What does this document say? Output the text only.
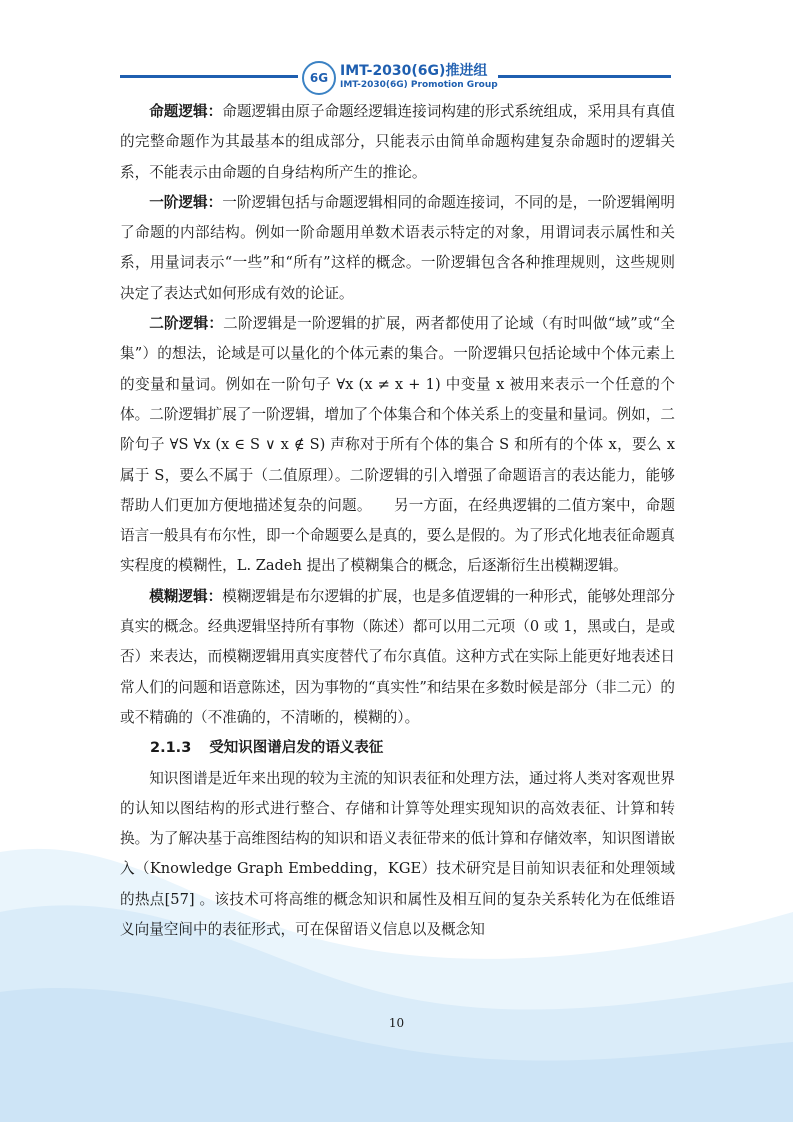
6G IMT-2030(6G)推进组
IMT-2030(6G) Promotion Group

命题逻辑：命题逻辑由原子命题经逻辑连接词构建的形式系统组成，采用具有真值的完整命题作为其最基本的组成部分，只能表示由简单命题构建复杂命题时的逻辑关系，不能表示由命题的自身结构所产生的推论。

一阶逻辑：一阶逻辑包括与命题逻辑相同的命题连接词，不同的是，一阶逻辑阐明了命题的内部结构。例如一阶命题用单数术语表示特定的对象，用谓词表示属性和关系，用量词表示“一些”和“所有”这样的概念。一阶逻辑包含各种推理规则，这些规则决定了表达式如何形成有效的论证。

二阶逻辑：二阶逻辑是一阶逻辑的扩展，两者都使用了论域（有时叫做“域”或“全集”）的想法，论域是可以量化的个体元素的集合。一阶逻辑只包括论域中个体元素上的变量和量词。例如在一阶句子 ∀x (x ≠ x + 1) 中变量 x 被用来表示一个任意的个体。二阶逻辑扩展了一阶逻辑，增加了个体集合和个体关系上的变量和量词。例如，二阶句子 ∀S ∀x (x ∈ S ∨ x ∉ S) 声称对于所有个体的集合 S 和所有的个体 x，要么 x 属于 S，要么不属于（二值原理）。二阶逻辑的引入增强了命题语言的表达能力，能够帮助人们更加方便地描述复杂的问题。　　另一方面，在经典逻辑的二值方案中，命题语言一般具有布尔性，即一个命题要么是真的，要么是假的。为了形式化地表征命题真实程度的模糊性，L. Zadeh 提出了模糊集合的概念，后逐渐衍生出模糊逻辑。

模糊逻辑：模糊逻辑是布尔逻辑的扩展，也是多值逻辑的一种形式，能够处理部分真实的概念。经典逻辑坚持所有事物（陈述）都可以用二元项（0 或 1，黑或白，是或否）来表达，而模糊逻辑用真实度替代了布尔真值。这种方式在实际上能更好地表述日常人们的问题和语意陈述，因为事物的“真实性”和结果在多数时候是部分（非二元）的或不精确的（不准确的，不清晰的，模糊的）。

2.1.3 受知识图谱启发的语义表征

知识图谱是近年来出现的较为主流的知识表征和处理方法，通过将人类对客观世界的认知以图结构的形式进行整合、存储和计算等处理实现知识的高效表征、计算和转换。为了解决基于高维图结构的知识和语义表征带来的低计算和存储效率，知识图谱嵌入（Knowledge Graph Embedding，KGE）技术研究是目前知识表征和处理领域的热点[57] 。该技术可将高维的概念知识和属性及相互间的复杂关系转化为在低维语义向量空间中的表征形式，可在保留语义信息以及概念知

10
